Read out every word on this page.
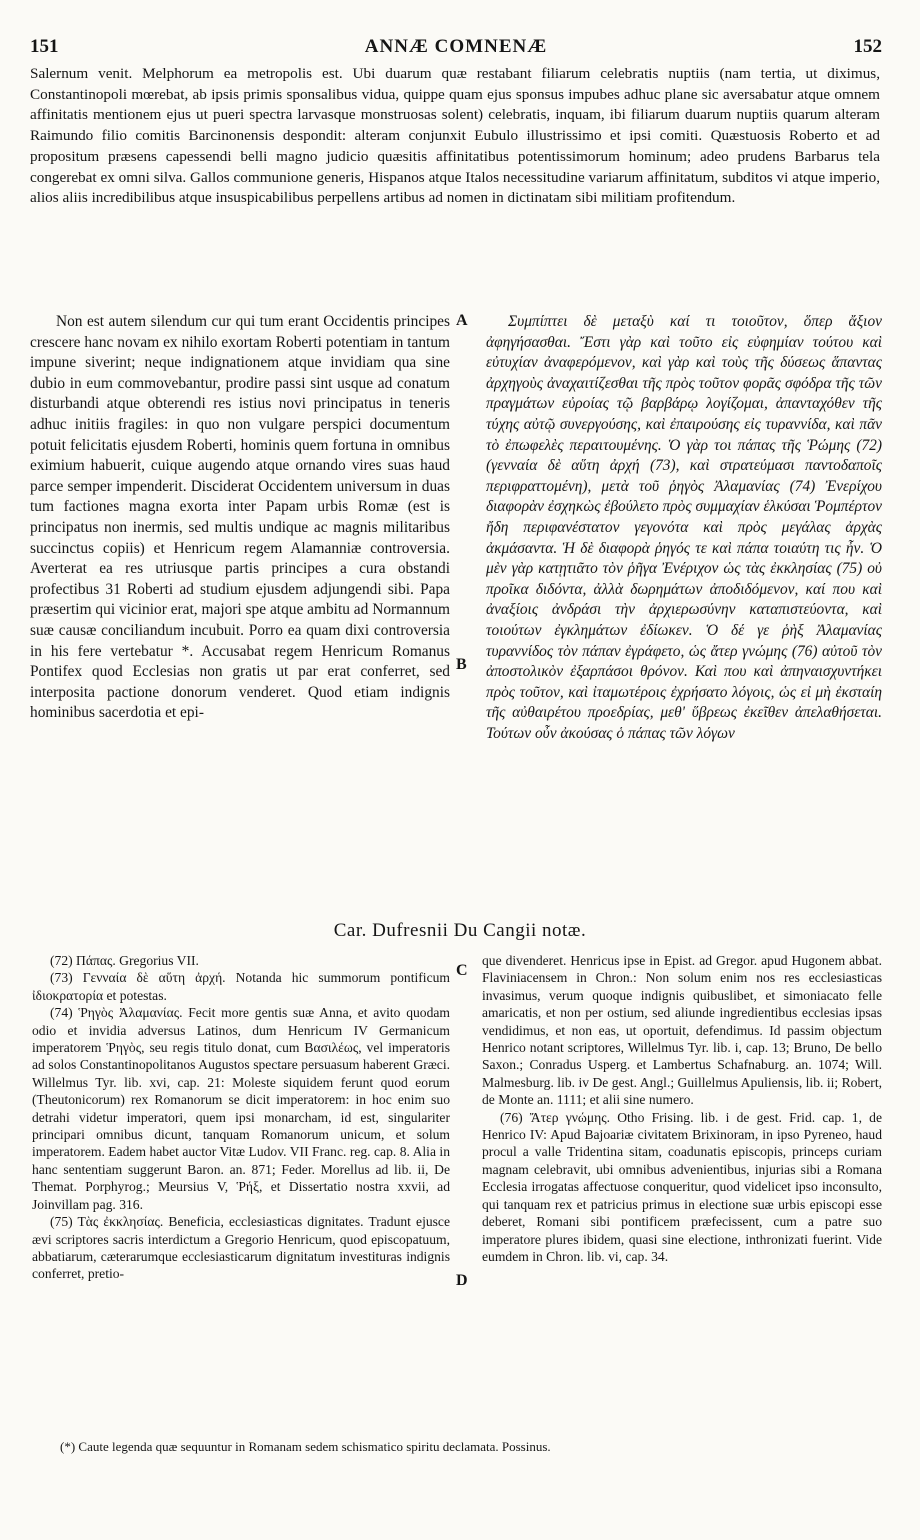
151	ANNÆ COMNENÆ	152

Salernum venit. Melphorum ea metropolis est. Ubi duarum quæ restabant filiarum celebratis nuptiis (nam tertia, ut diximus, Constantinopoli mœrebat, ab ipsis primis sponsalibus vidua, quippe quam ejus sponsus impubes adhuc plane sic aversabatur atque omnem affinitatis mentionem ejus ut pueri spectra larvasque monstruosas solent) celebratis, inquam, ibi filiarum duarum nuptiis quarum alteram Raimundo filio comitis Barcinonensis despondit: alteram conjunxit Eubulo illustrissimo et ipsi comiti. Quæstuosis Roberto et ad propositum præsens capessendi belli magno judicio quæsitis affinitatibus potentissimorum hominum; adeo prudens Barbarus tela congerebat ex omni silva. Gallos communione generis, Hispanos atque Italos necessitudine variarum affinitatum, subditos vi atque imperio, alios aliis incredibilibus atque insuspicabilibus perpellens artibus ad nomen in dictinatam sibi militiam profitendum.

Non est autem silendum cur qui tum erant Occidentis principes crescere hanc novam ex nihilo exortam Roberti potentiam in tantum impune siverint; neque indignationem atque invidiam qua sine dubio in eum commovebantur, prodire passi sint usque ad conatum disturbandi atque obterendi res istius novi principatus in teneris adhuc initiis fragiles: in quo non vulgare perspici documentum potuit felicitatis ejusdem Roberti, hominis quem fortuna in omnibus eximium habuerit, cuique augendo atque ornando vires suas haud parce semper impenderit. Disciderat Occidentem universum in duas tum factiones magna exorta inter Papam urbis Romæ (est is principatus non inermis, sed multis undique ac magnis militaribus succinctus copiis) et Henricum regem Alamanniæ controversia. Averterat ea res utriusque partis principes a cura obstandi profectibus 31 Roberti ad studium ejusdem adjungendi sibi. Papa præsertim qui vicinior erat, majori spe atque ambitu ad Normannum suæ causæ conciliandum incubuit. Porro ea quam dixi controversia in his fere vertebatur *. Accusabat regem Henricum Romanus Pontifex quod Ecclesias non gratis ut par erat conferret, sed interposita pactione donorum venderet. Quod etiam indignis hominibus sacerdotia et epi-

A
B

Συμπίπτει δὲ μεταξὺ καί τι τοιοῦτον, ὅπερ ἄξιον ἀφηγήσασθαι. Ἔστι γὰρ καὶ τοῦτο εἰς εὐφημίαν τούτου καὶ εὐτυχίαν ἀναφερόμενον, καὶ γὰρ καὶ τοὺς τῆς δύσεως ἅπαντας ἀρχηγοὺς ἀναχαιτίζεσθαι τῆς πρὸς τοῦτον φορᾶς σφόδρα τῆς τῶν πραγμάτων εὐροίας τῷ βαρβάρῳ λογίζομαι, ἀπανταχόθεν τῆς τύχης αὐτῷ συνεργούσης, καὶ ἐπαιρούσης εἰς τυραννίδα, καὶ πᾶν τὸ ἐπωφελὲς περαιτουμένης. Ὁ γὰρ τοι πάπας τῆς Ῥώμης (72) (γενναία δὲ αὕτη ἀρχή (73), καὶ στρατεύμασι παντοδαποῖς περιφραττομένη), μετὰ τοῦ ῥηγὸς Ἀλαμανίας (74) Ἐνερίχου διαφορὰν ἐσχηκὼς ἐβούλετο πρὸς συμμαχίαν ἑλκύσαι Ῥομπέρτον ἤδη περιφανέστατον γεγονότα καὶ πρὸς μεγάλας ἀρχὰς ἀκμάσαντα. Ἡ δὲ διαφορὰ ῥηγός τε καὶ πάπα τοιαύτη τις ἦν. Ὁ μὲν γὰρ κατῃτιᾶτο τὸν ῥῆγα Ἐνέριχον ὡς τὰς ἐκκλησίας (75) οὐ προῖκα διδόντα, ἀλλὰ δωρημάτων ἀποδιδόμενον, καί που καὶ ἀναξίοις ἀνδράσι τὴν ἀρχιερωσύνην καταπιστεύοντα, καὶ τοιούτων ἐγκλημάτων ἐδίωκεν. Ὁ δέ γε ῥὴξ Ἀλαμανίας τυραννίδος τὸν πάπαν ἐγράφετο, ὡς ἄτερ γνώμης (76) αὐτοῦ τὸν ἀποστολικὸν ἐξαρπάσοι θρόνον. Καὶ που καὶ ἀπηναισχυντήκει πρὸς τοῦτον, καὶ ἰταμωτέροις ἐχρήσατο λόγοις, ὡς εἰ μὴ ἐκσταίη τῆς αὐθαιρέτου προεδρίας, μεθ' ὕβρεως ἐκεῖθεν ἀπελαθήσεται. Τούτων οὖν ἀκούσας ὁ πάπας τῶν λόγων

Car. Dufresnii Du Cangii notæ.

(72) Πάπας. Gregorius VII.

(73) Γενναία δὲ αὕτη ἀρχή. Notanda hic summorum pontificum ἰδιοκρατορία et potestas.

(74) Ῥηγὸς Ἀλαμανίας. Fecit more gentis suæ Anna, et avito quodam odio et invidia adversus Latinos, dum Henricum IV Germanicum imperatorem Ῥηγὸς, seu regis titulo donat, cum Βασιλέως, vel imperatoris ad solos Constantinopolitanos Augustos spectare persuasum haberent Græci. Willelmus Tyr. lib. xvi, cap. 21: Moleste siquidem ferunt quod eorum (Theutonicorum) rex Romanorum se dicit imperatorem: in hoc enim suo detrahi videtur imperatori, quem ipsi monarcham, id est, singulariter principari omnibus dicunt, tanquam Romanorum unicum, et solum imperatorem. Eadem habet auctor Vitæ Ludov. VII Franc. reg. cap. 8. Alia in hanc sententiam suggerunt Baron. an. 871; Feder. Morellus ad lib. ii, De Themat. Porphyrog.; Meursius V, Ῥήξ, et Dissertatio nostra xxvii, ad Joinvillam pag. 316.

(75) Τὰς ἐκκλησίας. Beneficia, ecclesiasticas dignitates. Tradunt ejusce ævi scriptores sacris interdictum a Gregorio Henricum, quod episcopatuum, abbatiarum, cæterarumque ecclesiasticarum dignitatum investituras indignis conferret, pretio-

C
D

que divenderet. Henricus ipse in Epist. ad Gregor. apud Hugonem abbat. Flaviniacensem in Chron.: Non solum enim nos res ecclesiasticas invasimus, verum quoque indignis quibuslibet, et simoniacato felle amaricatis, et non per ostium, sed aliunde ingredientibus ecclesias ipsas vendidimus, et non eas, ut oportuit, defendimus. Id passim objectum Henrico notant scriptores, Willelmus Tyr. lib. i, cap. 13; Bruno, De bello Saxon.; Conradus Usperg. et Lambertus Schafnaburg. an. 1074; Will. Malmesburg. lib. iv De gest. Angl.; Guillelmus Apuliensis, lib. ii; Robert, de Monte an. 1111; et alii sine numero.

(76) Ἄτερ γνώμης. Otho Frising. lib. i de gest. Frid. cap. 1, de Henrico IV: Apud Bajoariæ civitatem Brixinoram, in ipso Pyreneo, haud procul a valle Tridentina sitam, coadunatis episcopis, princeps curiam magnam celebravit, ubi omnibus advenientibus, injurias sibi a Romana Ecclesia irrogatas affectuose conqueritur, quod videlicet ipso inconsulto, qui tanquam rex et patricius primus in electione suæ urbis episcopi esse deberet, Romani sibi pontificem præfecissent, cum a patre suo imperatore plures ibidem, quasi sine electione, inthronizati fuerint. Vide eumdem in Chron. lib. vi, cap. 34.

(*) Caute legenda quæ sequuntur in Romanam sedem schismatico spiritu declamata. Possinus.
